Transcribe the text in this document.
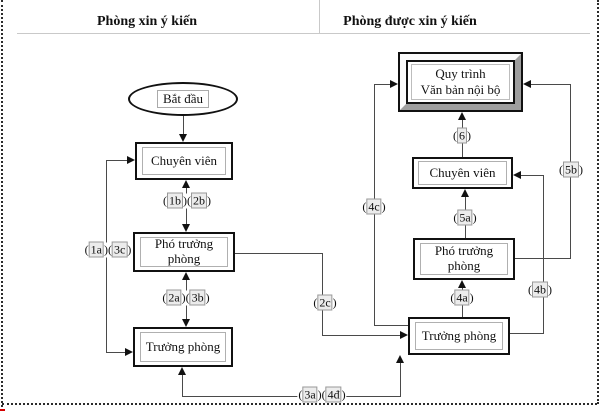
Phòng xin ý kiến	Phòng được xin ý kiến
Bắt đầu
Chuyên viên
Phó trưởng
phòng
Trưởng phòng
Quy trình
Văn bản nội bộ
Chuyên viên
Phó trưởng
phòng
Trưởng phòng
( 1b )( 2b )
( 2a )( 3b )
( 1a )( 3c )
( 2c )
( 4c )
( 4a )
( 5a )
( 6 )
( 4b )
( 5b )
( 3a )( 4đ )
